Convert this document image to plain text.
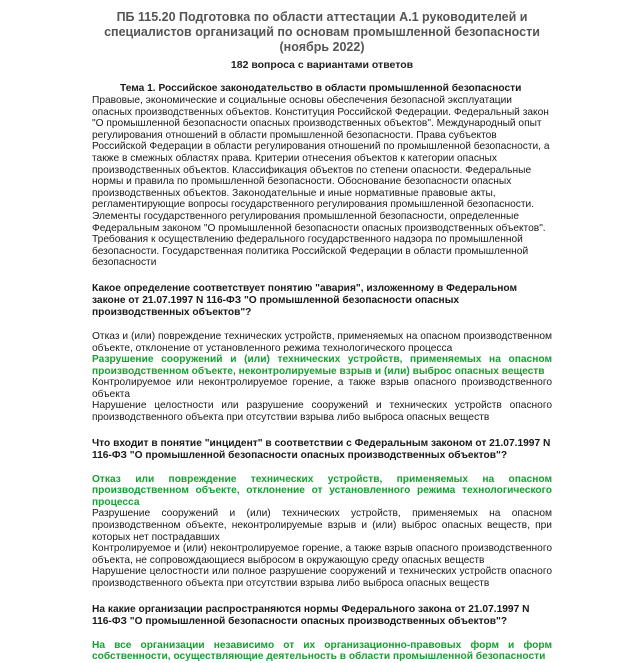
ПБ 115.20 Подготовка по области аттестации А.1 руководителей и специалистов организаций по основам промышленной безопасности (ноябрь 2022)
182 вопроса с вариантами ответов
Тема 1. Российское законодательство в области промышленной безопасности
Правовые, экономические и социальные основы обеспечения безопасной эксплуатации опасных производственных объектов. Конституция Российской Федерации. Федеральный закон "О промышленной безопасности опасных производственных объектов". Международный опыт регулирования отношений в области промышленной безопасности. Права субъектов Российской Федерации в области регулирования отношений по промышленной безопасности, а также в смежных областях права. Критерии отнесения объектов к категории опасных производственных объектов. Классификация объектов по степени опасности. Федеральные нормы и правила по промышленной безопасности. Обоснование безопасности опасных производственных объектов. Законодательные и иные нормативные правовые акты, регламентирующие вопросы государственного регулирования промышленной безопасности. Элементы государственного регулирования промышленной безопасности, определенные Федеральным законом "О промышленной безопасности опасных производственных объектов". Требования к осуществлению федерального государственного надзора по промышленной безопасности. Государственная политика Российской Федерации в области промышленной безопасности
Какое определение соответствует понятию "авария", изложенному в Федеральном законе от 21.07.1997 N 116-ФЗ "О промышленной безопасности опасных производственных объектов"?
Отказ и (или) повреждение технических устройств, применяемых на опасном производственном объекте, отклонение от установленного режима технологического процесса
Разрушение сооружений и (или) технических устройств, применяемых на опасном производственном объекте, неконтролируемые взрыв и (или) выброс опасных веществ
Контролируемое или неконтролируемое горение, а также взрыв опасного производственного объекта
Нарушение целостности или разрушение сооружений и технических устройств опасного производственного объекта при отсутствии взрыва либо выброса опасных веществ
Что входит в понятие "инцидент" в соответствии с Федеральным законом от 21.07.1997 N 116-ФЗ "О промышленной безопасности опасных производственных объектов"?
Отказ или повреждение технических устройств, применяемых на опасном производственном объекте, отклонение от установленного режима технологического процесса
Разрушение сооружений и (или) технических устройств, применяемых на опасном производственном объекте, неконтролируемые взрыв и (или) выброс опасных веществ, при которых нет пострадавших
Контролируемое и (или) неконтролируемое горение, а также взрыв опасного производственного объекта, не сопровождающиеся выбросом в окружающую среду опасных веществ
Нарушение целостности или полное разрушение сооружений и технических устройств опасного производственного объекта при отсутствии взрыва либо выброса опасных веществ
На какие организации распространяются нормы Федерального закона от 21.07.1997 N 116-ФЗ "О промышленной безопасности опасных производственных объектов"?
На все организации независимо от их организационно-правовых форм и форм собственности, осуществляющие деятельность в области промышленной безопасности
